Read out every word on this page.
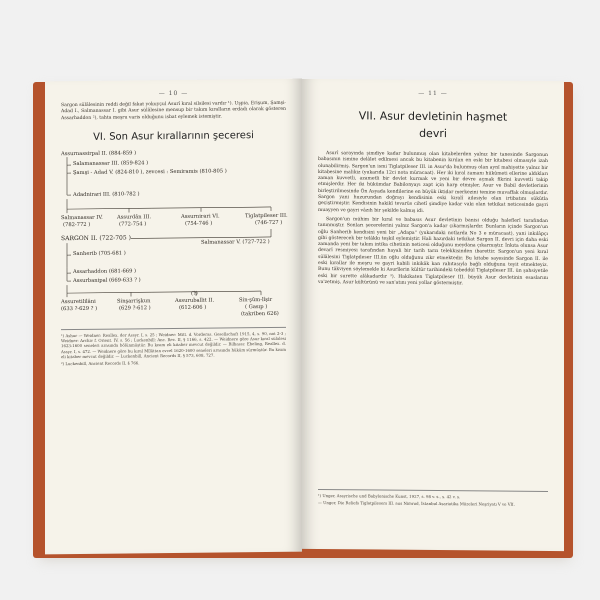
— 10 —
Sargon sülâlesinin reddi değil fakat yokuyçul Asurî kıral silsilesi vardır ¹). Uşpia, Erişum, Şamşi-Adad I., Salmanassar I. gibi Asur sülâlesine mensup bir takım kıralların erdadı olarak gösteren Assarhaddon ²), tahta meşru varis olduğunu isbat eylemek istemiştir.
VI. Son Asur kırallarının şeceresi
Assurnassirpal II. (884-859 )
Salamanassar III. (859-824 )
Şamşi - Adad V. (824-810 ), zevcesi : Semiramis (810-805 )
Adadnirari III. (810-782 )
Salmanassar IV.
(782-772 )
Assurdân III.
(772-754 )
Assurnirari VI.
(754-746 )
Tiglatpileser III.
(746-727 )
SARGON II. (722-705 )
Salmanassar V. (727-722 )
Sanherib (705-681 )
Assarhaddon (681-669 )
Assurbanipal (669-633 ? )
Assuretililâni
(633 ?-629 ? )
Sinşarrişkun
(629 ?-612 )
(?)
Assuruballit II.
(612-606 )
Sin-şûm-lîşir
( Gasıp )
(takriben 626)

¹) Ashur — Weidner: Reallex. der Assyr. I, s. 25 ; Weidner: Mitt. d. Vorderas. Gesellschaft 1915, 4, s. 90, not 2-3 ; Weidner: Archiv f. Orient. IV, s. 56 ; Luckenbill: Anc. Rec. II, § 1166, s. 422. — Weidnere göre Asur kıral sülalesi 1623-1600 seneleri arasında bölünmüştür. Bu kısım eli kitaber mevcut değildir. — Bilhassı: Ebeling, Reallex. d. Assyr. I, s. 472. — Weidnere göre bu kıral Mîlâttan evvel 1620-1600 seneleri arasında hüküm sürmüştür. Bu kısım eli kitaber mevcut değildir. — Luckenbill, Ancient Records II, § 573, 608, 727.

²) Luckenbill, Ancient Records II, § 766.

— 11 —
VII. Asur devletinin haşmet
devri

Asurî sarayında şimdiye kadar bulunmuş olan kitabelerden yalnız bir tanesinde Sargonun babasının ismine delâlet edilmesi ancak bu kitabenin kırılan en eski bir kitabesi olmasıyle izah olunabilirmiş. Sargon'un ismi Tiglatpileser III. in Asur'da bulunmuş olan aynî mahiyette yalnız bir kitabesine malikiz (yukarıda 12ci nota müracaat). Her iki kıral zamanı hükûmeti ellerine aldıkları zaman kuvvetli, azametli bir devlet kurmak ve yeni bir devre açmak fikrini kuvvetli takip etmişlerdir. Her iki hükümdar Babilonyayı zapt için harp etmişler, Asur ve Babil devletlerinin birleştirilmesinde Ön Asyada kendilerine en büyük iktidar merkezini temine muvaffak olmuşlardır. Sargon yani huzurundan doğrayı kendisinin eski kıralî ailesiyle olan irtibatını sükûtla geçiştirmiştir. Kendisinin hakikî tevarüs cihetî şimdiye kadar vaki olan tetkikat neticesinde gayri muayyen ve gayri vâzıh bir şekilde kalmış idi.

Sargon'un mühim bir kıral ve babasıs Asur devletinin banisi olduğu haleflerî tarafından tanınmıştır. Sonları şecerelerini yalnız Sargon'a kadar çıkarmışlardır. Bunların içinde Sargon'un oğlu Sanherib kendisini yeni bir „Adapa“ (yukarıdaki notlarda No 3 e müracaat), yani inkılâpçı gibi gösterecek bir telâkkı teşkil eylemiştir. Hali hazırdaki tetkikat Sargon II. devri için daha eski zamanda yeni bir takım intika cihetinin neticesi olduğunu meydana çıkarmıştır. İnkıta olunsa Asur devarî resmiyesi tarafından hayali bir tarih tarzı telekkisinden ibarettir. Sargon'un yeni kıral sülâlesini Tiglatpileser III.ün oğlu olduğunu zikr etmektedir. Bu kitabe sayesinde Sargon II. ile eski kırallar ile meşru ve gayri kabili inkikâk kan rabıtasıyla bağlı olduğunu teyit etmekteyiz. Bunu tâkviyen söylemekle ki Asurîlerin kültür tarihindeki tebeddül Tiglatpileser III. ün şahsiyetile eski bir surette alâkadardır ³). Hakikaten Tiglatpileser III. büyük Asur devletinin esaslarını va'zetmiş, Asur kültürünü ve san'atını yeni yollar göstermiştir.

¹) Unger, Assyrische und Babylonische Kunst, 1927, s. 98 v. s., s. 42 v. s.

— Unger, Die Reliefs Tiglatpilesers III. aus Nimrud, İstanbul Asariatika Müzeleri Neşriyatı V ve VII.
